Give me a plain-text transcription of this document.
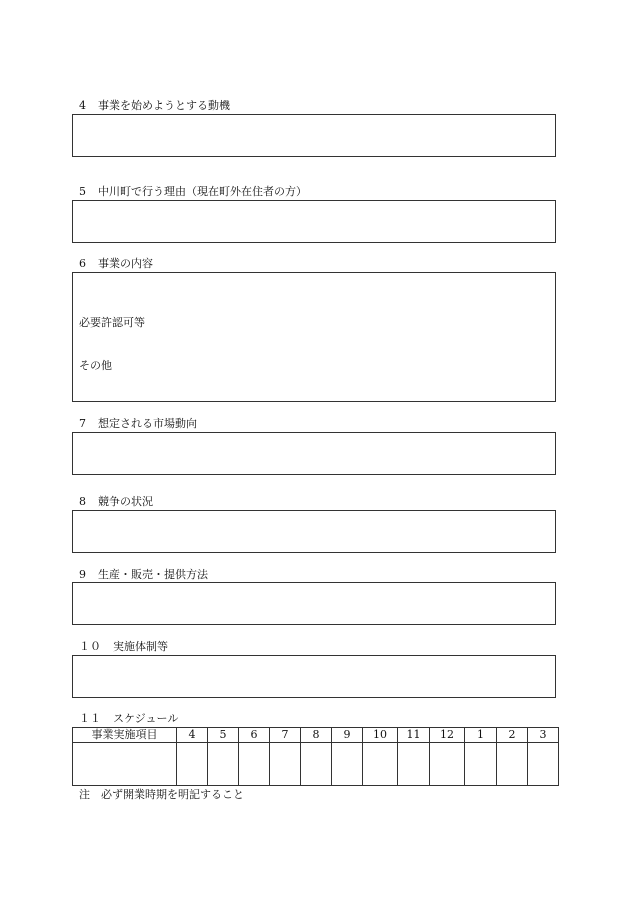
4 事業を始めようとする動機
5 中川町で行う理由（現在町外在住者の方）
6 事業の内容
必要許認可等
その他
7 想定される市場動向
8 競争の状況
9 生産・販売・提供方法
１０ 実施体制等
１１ スケジュール
事業実施項目	4	5	6	7	8	9	10	11	12	1	2	3

注　必ず開業時期を明記すること
